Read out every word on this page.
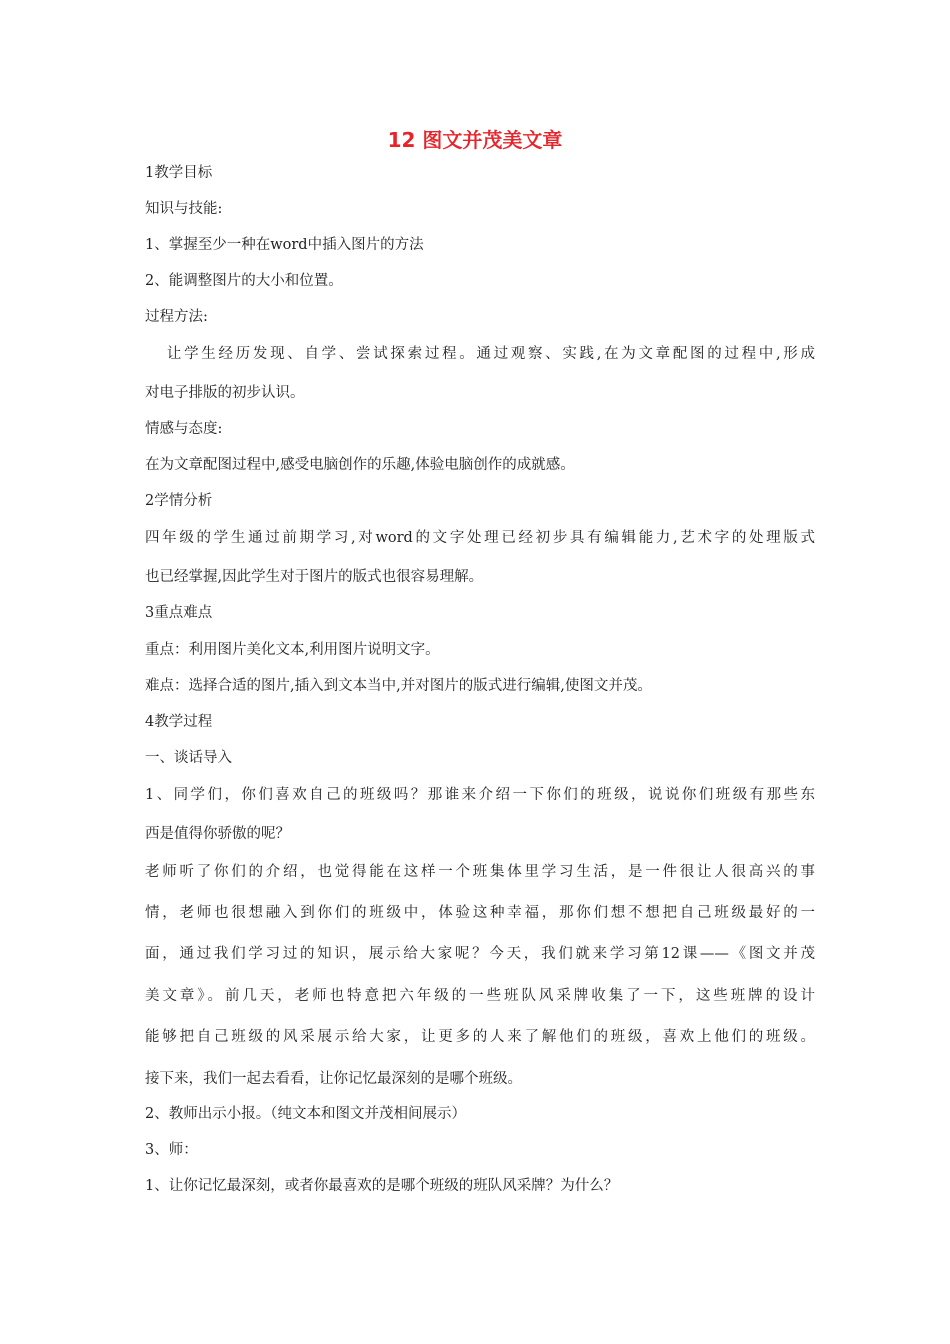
12 图文并茂美文章
1教学目标
知识与技能:
1、掌握至少一种在word中插入图片的方法
2、能调整图片的大小和位置。
过程方法:
让学生经历发现、自学、尝试探索过程。通过观察、实践,在为文章配图的过程中,形成
对电子排版的初步认识。
情感与态度:
在为文章配图过程中,感受电脑创作的乐趣,体验电脑创作的成就感。
2学情分析
四年级的学生通过前期学习,对word的文字处理已经初步具有编辑能力,艺术字的处理版式
也已经掌握,因此学生对于图片的版式也很容易理解。
3重点难点
重点：利用图片美化文本,利用图片说明文字。
难点：选择合适的图片,插入到文本当中,并对图片的版式进行编辑,使图文并茂。
4教学过程
一、谈话导入
1、同学们，你们喜欢自己的班级吗？那谁来介绍一下你们的班级，说说你们班级有那些东
西是值得你骄傲的呢？
老师听了你们的介绍，也觉得能在这样一个班集体里学习生活，是一件很让人很高兴的事
情，老师也很想融入到你们的班级中，体验这种幸福，那你们想不想把自己班级最好的一
面，通过我们学习过的知识，展示给大家呢？今天，我们就来学习第12课——《图文并茂
美文章》。前几天，老师也特意把六年级的一些班队风采牌收集了一下，这些班牌的设计
能够把自己班级的风采展示给大家，让更多的人来了解他们的班级，喜欢上他们的班级。
接下来，我们一起去看看，让你记忆最深刻的是哪个班级。
2、教师出示小报。（纯文本和图文并茂相间展示）
3、师：
1、让你记忆最深刻，或者你最喜欢的是哪个班级的班队风采牌？为什么？
